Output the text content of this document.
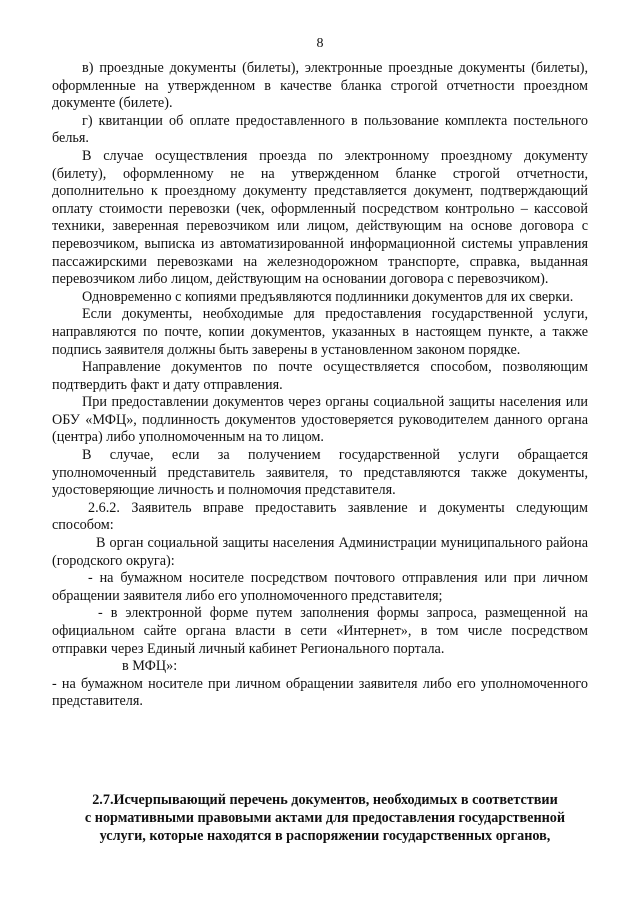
8

в) проездные документы (билеты), электронные проездные документы (билеты), оформленные на утвержденном в качестве бланка строгой отчетности проездном документе (билете).

г) квитанции об оплате предоставленного в пользование комплекта постельного белья.

В случае осуществления проезда по электронному проездному документу (билету), оформленному не на утвержденном бланке строгой отчетности, дополнительно к проездному документу представляется документ, подтверждающий оплату стоимости перевозки (чек, оформленный посредством контрольно – кассовой техники, заверенная перевозчиком или лицом, действующим на основе договора с перевозчиком, выписка из автоматизированной информационной системы управления пассажирскими перевозками на железнодорожном транспорте, справка, выданная перевозчиком либо лицом, действующим на основании договора с перевозчиком).

Одновременно с копиями предъявляются подлинники документов для их сверки.

Если документы, необходимые для предоставления государственной услуги, направляются по почте, копии документов, указанных в настоящем пункте, а также подпись заявителя должны быть заверены в установленном законом порядке.

Направление документов по почте осуществляется способом, позволяющим подтвердить факт и дату отправления.

При предоставлении документов через органы социальной защиты населения или ОБУ «МФЦ», подлинность документов удостоверяется руководителем данного органа (центра) либо уполномоченным на то лицом.

В случае, если за получением государственной услуги обращается уполномоченный представитель заявителя, то представляются также документы, удостоверяющие личность и полномочия представителя.

2.6.2. Заявитель вправе предоставить заявление и документы следующим способом:

В орган социальной защиты населения Администрации муниципального района (городского округа):

- на бумажном носителе посредством почтового отправления или при личном обращении заявителя либо его уполномоченного представителя;

- в электронной форме путем заполнения формы запроса, размещенной на официальном сайте органа власти в сети «Интернет», в том числе посредством отправки через Единый личный кабинет Регионального портала.

в МФЦ»:

- на бумажном носителе при личном обращении заявителя либо его уполномоченного представителя.

2.7.Исчерпывающий перечень документов, необходимых в соответствии

с нормативными правовыми актами для предоставления государственной

услуги, которые находятся в распоряжении государственных органов,
